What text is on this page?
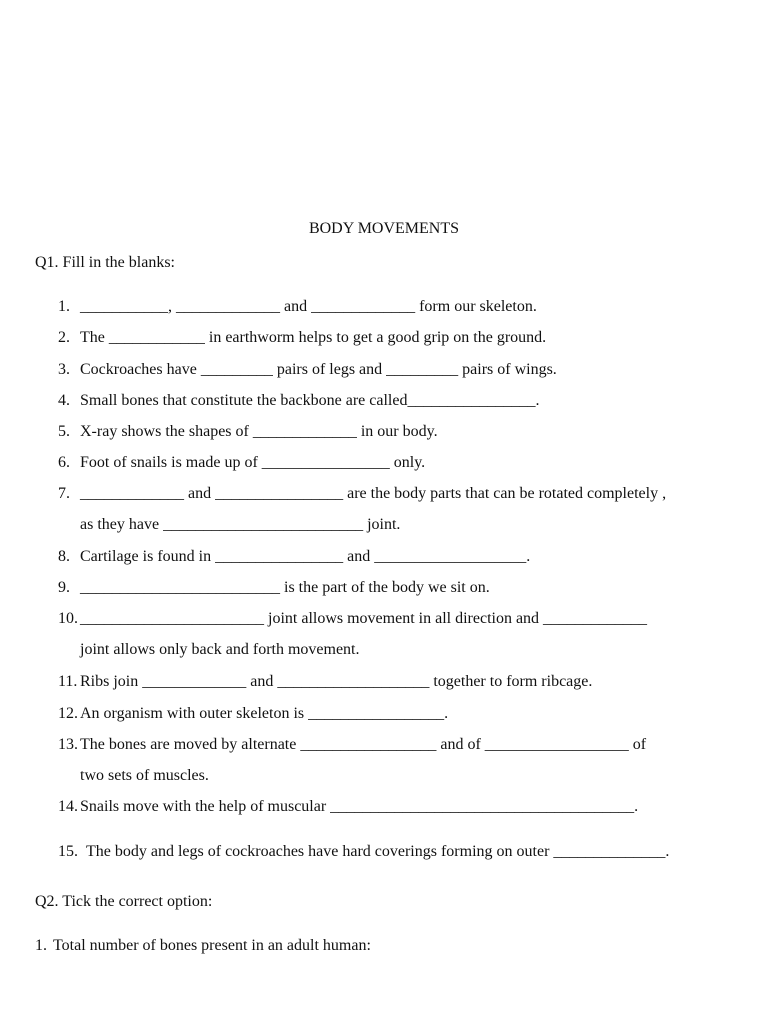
BODY MOVEMENTS
Q1. Fill in the blanks:
1. ___________, _____________ and _____________ form our skeleton.
2. The ____________ in earthworm helps to get a good grip on the ground.
3. Cockroaches have _________ pairs of legs and _________ pairs of wings.
4. Small bones that constitute the backbone are called________________.
5. X-ray shows the shapes of _____________ in our body.
6. Foot of snails is made up of ________________ only.
7. _____________ and ________________ are the body parts that can be rotated completely ,
as they have _________________________ joint.
8. Cartilage is found in ________________ and ___________________.
9. _________________________ is the part of the body we sit on.
10. _______________________ joint allows movement in all direction and _____________
joint allows only back and forth movement.
11. Ribs join _____________ and ___________________ together to form ribcage.
12. An organism with outer skeleton is _________________.
13. The bones are moved by alternate _________________ and of __________________ of
two sets of muscles.
14. Snails move with the help of muscular ______________________________________.
15. The body and legs of cockroaches have hard coverings forming on outer ______________.
Q2. Tick the correct option:
1. Total number of bones present in an adult human:
